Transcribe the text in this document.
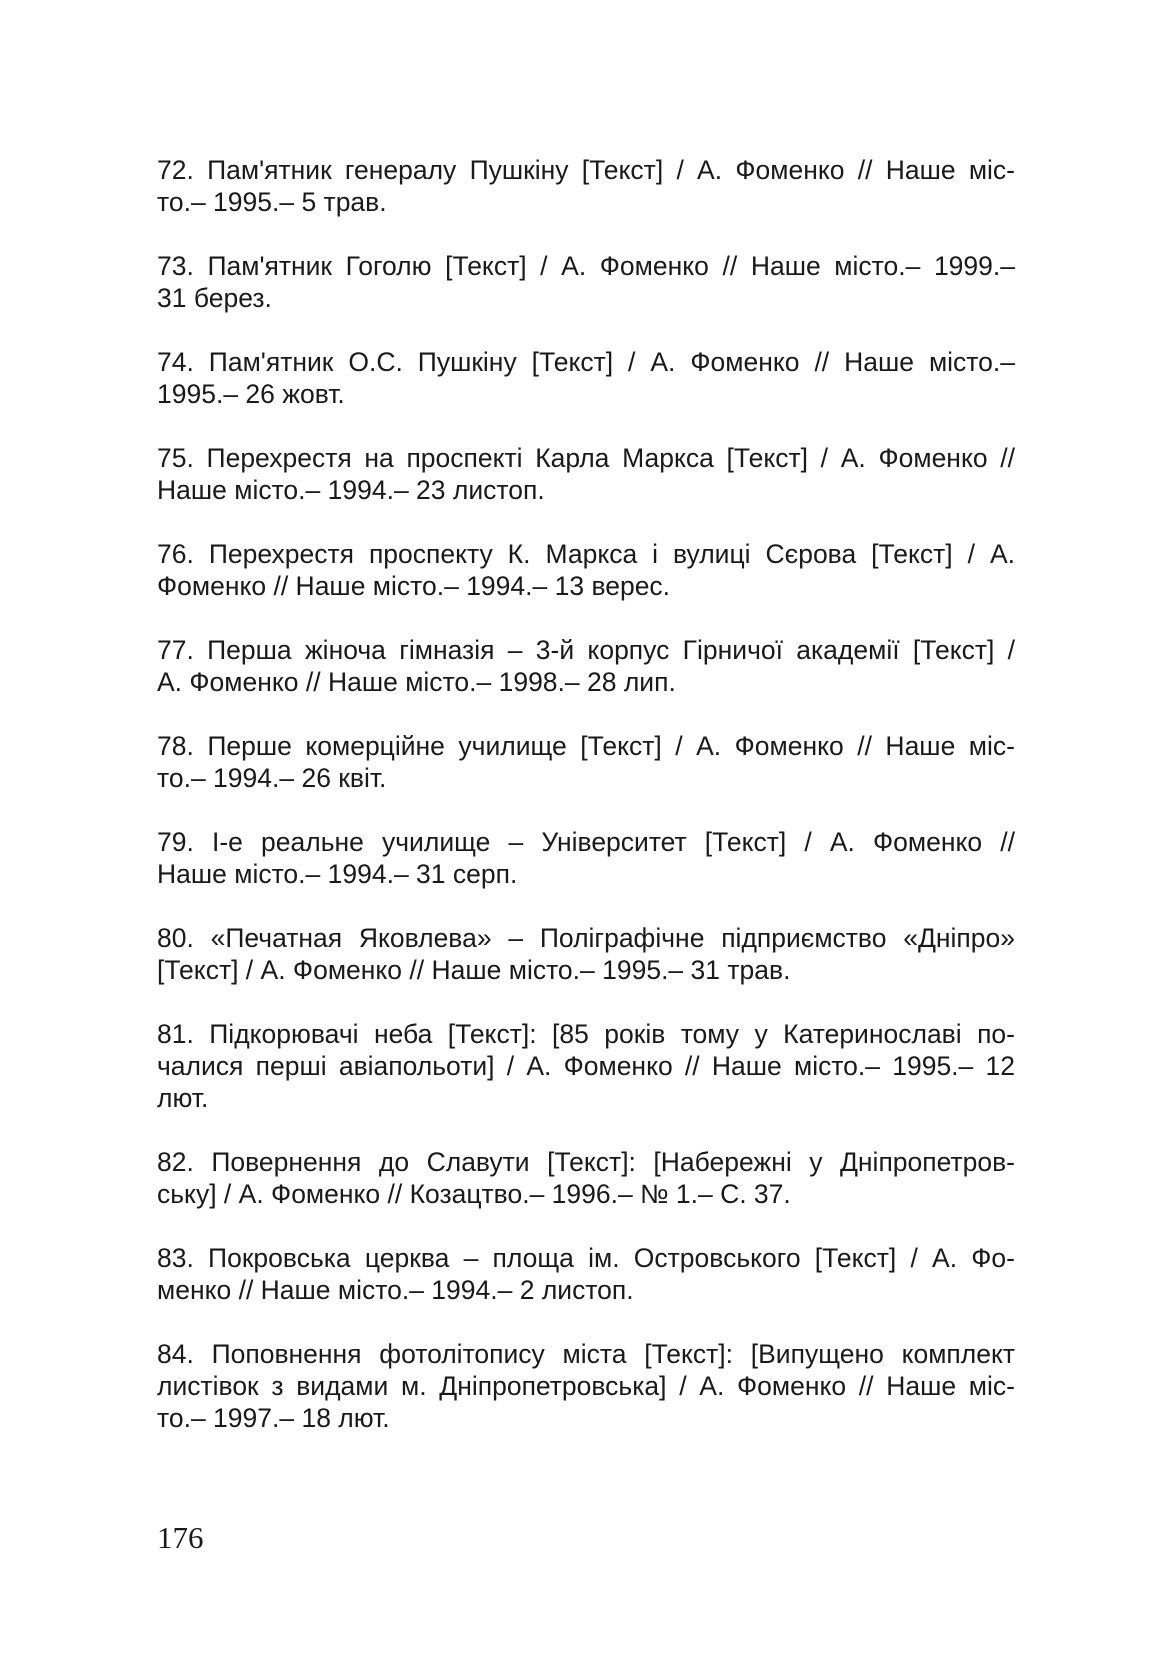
72. Пам'ятник генералу Пушкіну [Текст] / А. Фоменко // Наше міс-
то.– 1995.– 5 трав.
73. Пам'ятник Гоголю [Текст] / А. Фоменко // Наше місто.– 1999.–
31 берез.
74. Пам'ятник О.С. Пушкіну [Текст] / А. Фоменко // Наше місто.–
1995.– 26 жовт.
75. Перехрестя на проспекті Карла Маркса [Текст] / А. Фоменко //
Наше місто.– 1994.– 23 листоп.
76. Перехрестя проспекту К. Маркса і вулиці Сєрова [Текст] / А.
Фоменко // Наше місто.– 1994.– 13 верес.
77. Перша жіноча гімназія – 3-й корпус Гірничої академії [Текст] /
А. Фоменко // Наше місто.– 1998.– 28 лип.
78. Перше комерційне училище [Текст] / А. Фоменко // Наше міс-
то.– 1994.– 26 квіт.
79. І-е реальне училище – Університет [Текст] / А. Фоменко //
Наше місто.– 1994.– 31 серп.
80. «Печатная Яковлева» – Поліграфічне підприємство «Дніпро»
[Текст] / А. Фоменко // Наше місто.– 1995.– 31 трав.
81. Підкорювачі неба [Текст]: [85 років тому у Катеринославі по-
чалися перші авіапольоти] / А. Фоменко // Наше місто.– 1995.– 12
лют.
82. Повернення до Славути [Текст]: [Набережні у Дніпропетров-
ську] / А. Фоменко // Козацтво.– 1996.– № 1.– С. 37.
83. Покровська церква – площа ім. Островського [Текст] / А. Фо-
менко // Наше місто.– 1994.– 2 листоп.
84. Поповнення фотолітопису міста [Текст]: [Випущено комплект
листівок з видами м. Дніпропетровська] / А. Фоменко // Наше міс-
то.– 1997.– 18 лют.
176
